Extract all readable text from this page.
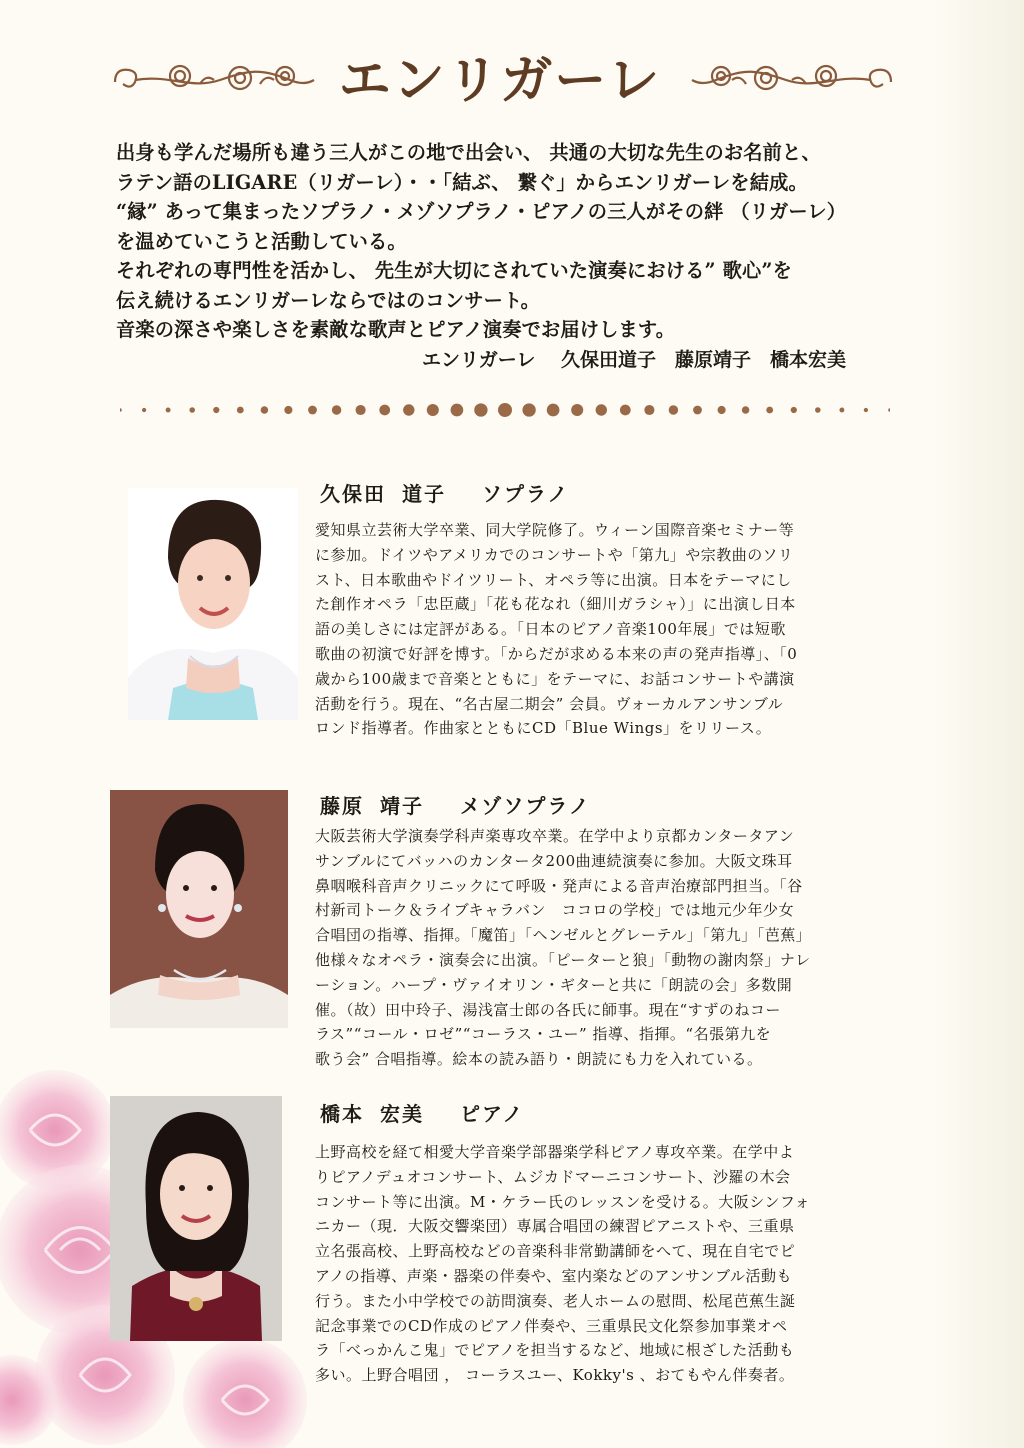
エンリガーレ
出身も学んだ場所も違う三人がこの地で出会い、 共通の大切な先生のお名前と、
ラテン語のLIGARE（リガーレ）・・「結ぶ、 繋ぐ」からエンリガーレを結成。
“縁” あって集まったソプラノ・メゾソプラノ・ピアノの三人がその絆 （リガーレ）
を温めていこうと活動している。
それぞれの専門性を活かし、 先生が大切にされていた演奏における” 歌心”を
伝え続けるエンリガーレならではのコンサート。
音楽の深さや楽しさを素敵な歌声とピアノ演奏でお届けします。
エンリガーレ　 久保田道子　藤原靖子　橋本宏美
久保田 道子 ソプラノ
愛知県立芸術大学卒業、同大学院修了。ウィーン国際音楽セミナー等
に参加。ドイツやアメリカでのコンサートや「第九」や宗教曲のソリ
スト、日本歌曲やドイツリート、オペラ等に出演。日本をテーマにし
た創作オペラ「忠臣蔵」「花も花なれ（細川ガラシャ）」に出演し日本
語の美しさには定評がある。「日本のピアノ音楽100年展」では短歌
歌曲の初演で好評を博す。「からだが求める本来の声の発声指導」、「0
歳から100歳まで音楽とともに」をテーマに、お話コンサートや講演
活動を行う。現在、“名古屋二期会” 会員。ヴォーカルアンサンブル
ロンド指導者。作曲家とともにCD「Blue Wings」をリリース。
藤原 靖子 メゾソプラノ
大阪芸術大学演奏学科声楽専攻卒業。在学中より京都カンタータアン
サンブルにてバッハのカンタータ200曲連続演奏に参加。大阪文珠耳
鼻咽喉科音声クリニックにて呼吸・発声による音声治療部門担当。「谷
村新司トーク＆ライブキャラバン　ココロの学校」では地元少年少女
合唱団の指導、指揮。「魔笛」「ヘンゼルとグレーテル」「第九」「芭蕉」
他様々なオペラ・演奏会に出演。「ピーターと狼」「動物の謝肉祭」ナレ
ーション。ハープ・ヴァイオリン・ギターと共に「朗読の会」多数開
催。（故）田中玲子、湯浅富士郎の各氏に師事。現在“すずのねコー
ラス”“コール・ロゼ”“コーラス・ユー” 指導、指揮。“名張第九を
歌う会” 合唱指導。絵本の読み語り・朗読にも力を入れている。
橋本 宏美 ピアノ
上野高校を経て相愛大学音楽学部器楽学科ピアノ専攻卒業。在学中よ
りピアノデュオコンサート、ムジカドマーニコンサート、沙羅の木会
コンサート等に出演。M・ケラー氏のレッスンを受ける。大阪シンフォ
ニカー（現．大阪交響楽団）専属合唱団の練習ピアニストや、三重県
立名張高校、上野高校などの音楽科非常勤講師をへて、現在自宅でピ
アノの指導、声楽・器楽の伴奏や、室内楽などのアンサンブル活動も
行う。また小中学校での訪問演奏、老人ホームの慰問、松尾芭蕉生誕
記念事業でのCD作成のピアノ伴奏や、三重県民文化祭参加事業オペ
ラ「べっかんこ鬼」でピアノを担当するなど、地域に根ざした活動も
多い。上野合唱団 ， コーラスユー、Kokky's 、おてもやん伴奏者。
